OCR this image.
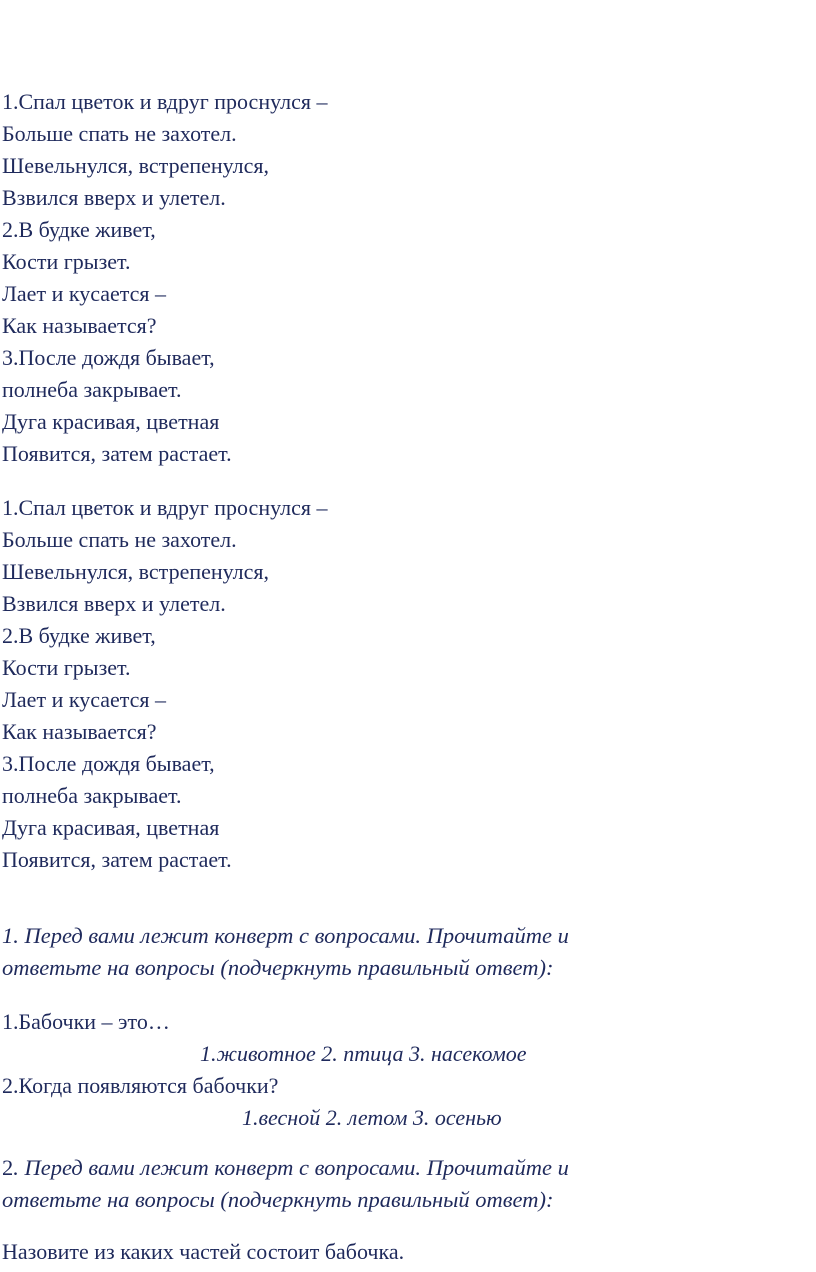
1.Спал цветок и вдруг проснулся –

Больше спать не захотел.

Шевельнулся, встрепенулся,

Взвился вверх и улетел.

2.В будке живет,

Кости грызет.

Лает и кусается –

Как называется?

3.После дождя бывает,

полнеба закрывает.

Дуга красивая, цветная

Появится, затем растает.

1.Спал цветок и вдруг проснулся –

Больше спать не захотел.

Шевельнулся, встрепенулся,

Взвился вверх и улетел.

2.В будке живет,

Кости грызет.

Лает и кусается –

Как называется?

3.После дождя бывает,

полнеба закрывает.

Дуга красивая, цветная

Появится, затем растает.

1. Перед вами лежит конверт с вопросами. Прочитайте и

ответьте на вопросы (подчеркнуть правильный ответ):

1.Бабочки – это…

1.животное 2. птица 3. насекомое

2.Когда появляются бабочки?

1.весной 2. летом 3. осенью

2. Перед вами лежит конверт с вопросами. Прочитайте и

ответьте на вопросы (подчеркнуть правильный ответ):

Назовите из каких частей состоит бабочка.
